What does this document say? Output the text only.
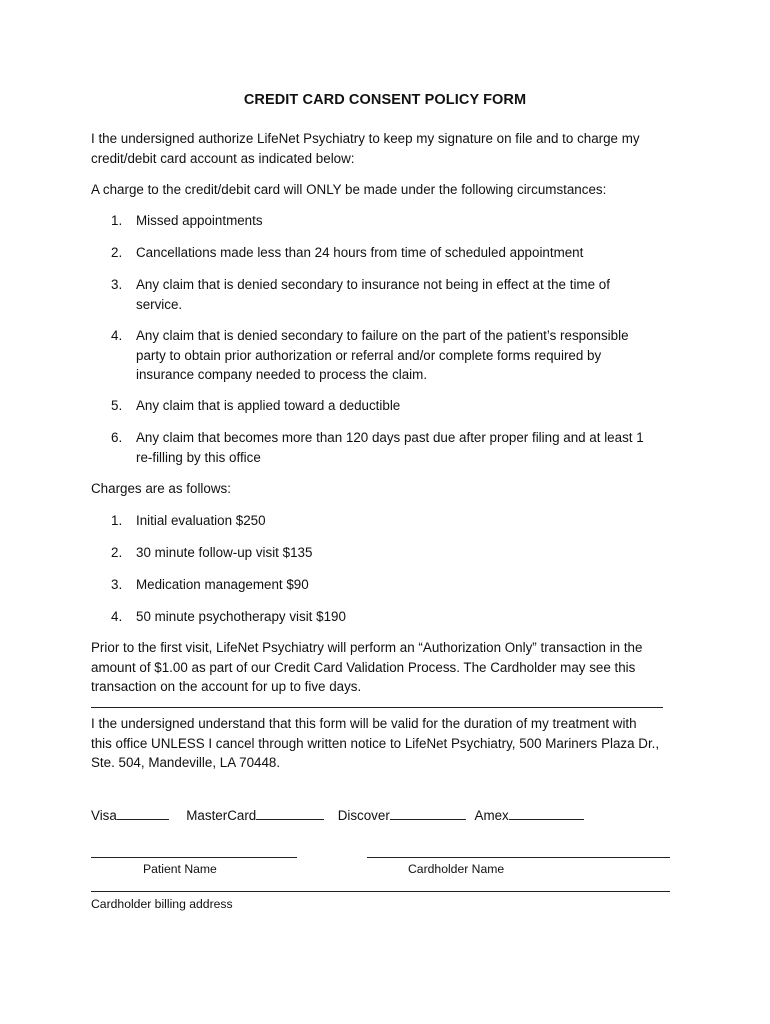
CREDIT CARD CONSENT POLICY FORM
I the undersigned authorize LifeNet Psychiatry to keep my signature on file and to charge my
credit/debit card account as indicated below:
A charge to the credit/debit card will ONLY be made under the following circumstances:
1.	Missed appointments
2.	Cancellations made less than 24 hours from time of scheduled appointment
3.	Any claim that is denied secondary to insurance not being in effect at the time of
service.
4.	Any claim that is denied secondary to failure on the part of the patient’s responsible
party to obtain prior authorization or referral and/or complete forms required by
insurance company needed to process the claim.
5.	Any claim that is applied toward a deductible
6.	Any claim that becomes more than 120 days past due after proper filing and at least 1
re-filling by this office
Charges are as follows:
1.	Initial evaluation $250
2.	30 minute follow-up visit $135
3.	Medication management $90
4.	50 minute psychotherapy visit $190
Prior to the first visit, LifeNet Psychiatry will perform an “Authorization Only” transaction in the
amount of $1.00 as part of our Credit Card Validation Process. The Cardholder may see this
transaction on the account for up to five days.
I the undersigned understand that this form will be valid for the duration of my treatment with
this office UNLESS I cancel through written notice to LifeNet Psychiatry, 500 Mariners Plaza Dr.,
Ste. 504, Mandeville, LA 70448.
Visa	MasterCard	Discover	Amex
Patient Name	Cardholder Name
Cardholder billing address
